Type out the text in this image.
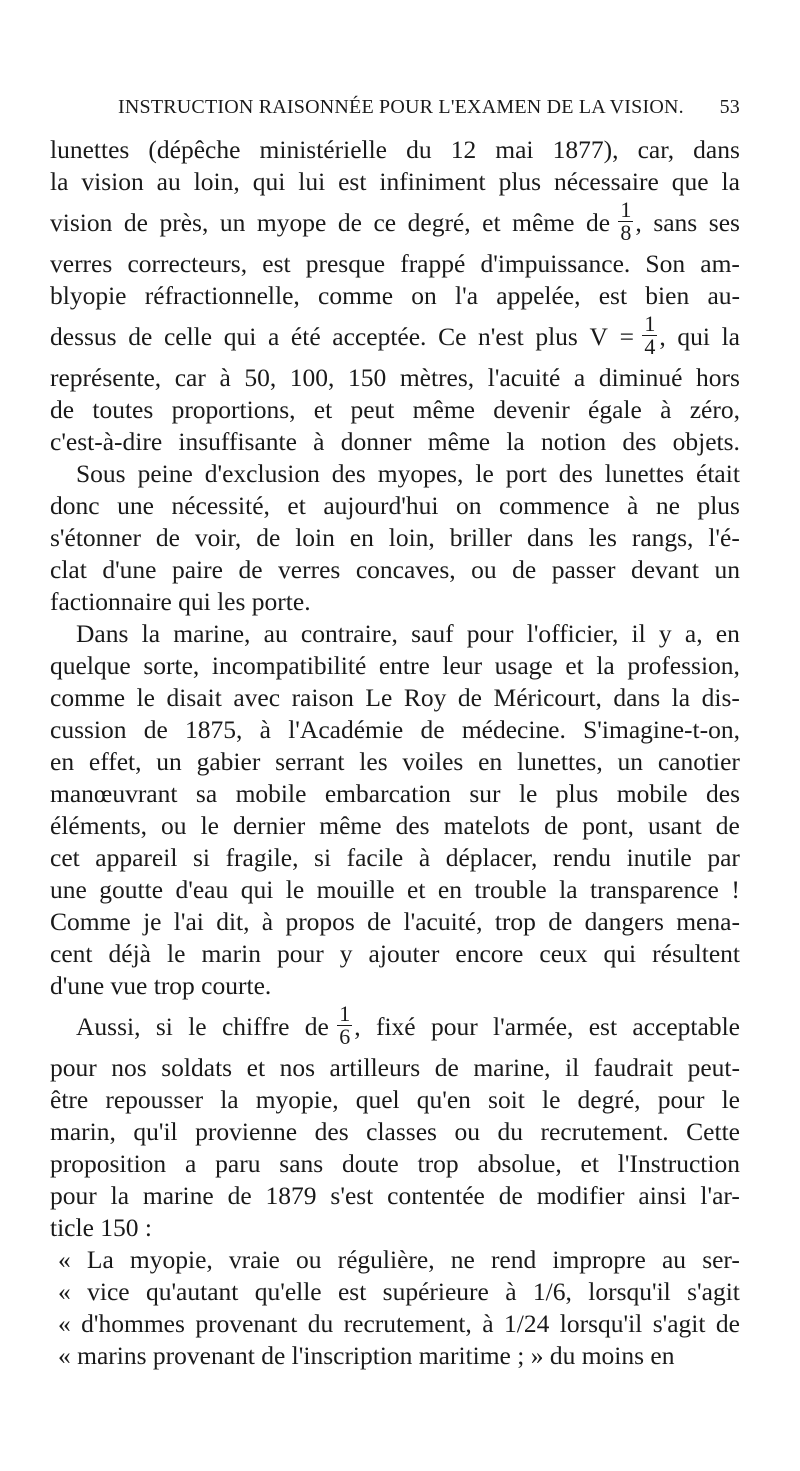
INSTRUCTION RAISONNÉE POUR L'EXAMEN DE LA VISION. 53
lunettes (dépêche ministérielle du 12 mai 1877), car, dans
la vision au loin, qui lui est infiniment plus nécessaire que la
vision de près, un myope de ce degré, et même de $\frac{1}{8}$ , sans ses
verres correcteurs, est presque frappé d'impuissance. Son am-
blyopie réfractionnelle, comme on l'a appelée, est bien au-
dessus de celle qui a été acceptée. Ce n'est plus $V = \frac{1}{4}$ , qui la
représente, car à 50, 100, 150 mètres, l'acuité a diminué hors
de toutes proportions, et peut même devenir égale à zéro,
c'est-à-dire insuffisante à donner même la notion des objets.
Sous peine d'exclusion des myopes, le port des lunettes était
donc une nécessité, et aujourd'hui on commence à ne plus
s'étonner de voir, de loin en loin, briller dans les rangs, l'é-
clat d'une paire de verres concaves, ou de passer devant un
factionnaire qui les porte.
Dans la marine, au contraire, sauf pour l'officier, il y a, en
quelque sorte, incompatibilité entre leur usage et la profession,
comme le disait avec raison Le Roy de Méricourt, dans la dis-
cussion de 1875, à l'Académie de médecine. S'imagine-t-on,
en effet, un gabier serrant les voiles en lunettes, un canotier
manœuvrant sa mobile embarcation sur le plus mobile des
éléments, ou le dernier même des matelots de pont, usant de
cet appareil si fragile, si facile à déplacer, rendu inutile par
une goutte d'eau qui le mouille et en trouble la transparence !
Comme je l'ai dit, à propos de l'acuité, trop de dangers mena-
cent déjà le marin pour y ajouter encore ceux qui résultent
d'une vue trop courte.
Aussi, si le chiffre de $\frac{1}{6}$ , fixé pour l'armée, est acceptable
pour nos soldats et nos artilleurs de marine, il faudrait peut-
être repousser la myopie, quel qu'en soit le degré, pour le
marin, qu'il provienne des classes ou du recrutement. Cette
proposition a paru sans doute trop absolue, et l'Instruction
pour la marine de 1879 s'est contentée de modifier ainsi l'ar-
ticle 150 :
« La myopie, vraie ou régulière, ne rend impropre au ser-
« vice qu'autant qu'elle est supérieure à 1/6, lorsqu'il s'agit
« d'hommes provenant du recrutement, à 1/24 lorsqu'il s'agit de
« marins provenant de l'inscription maritime ; » du moins en
